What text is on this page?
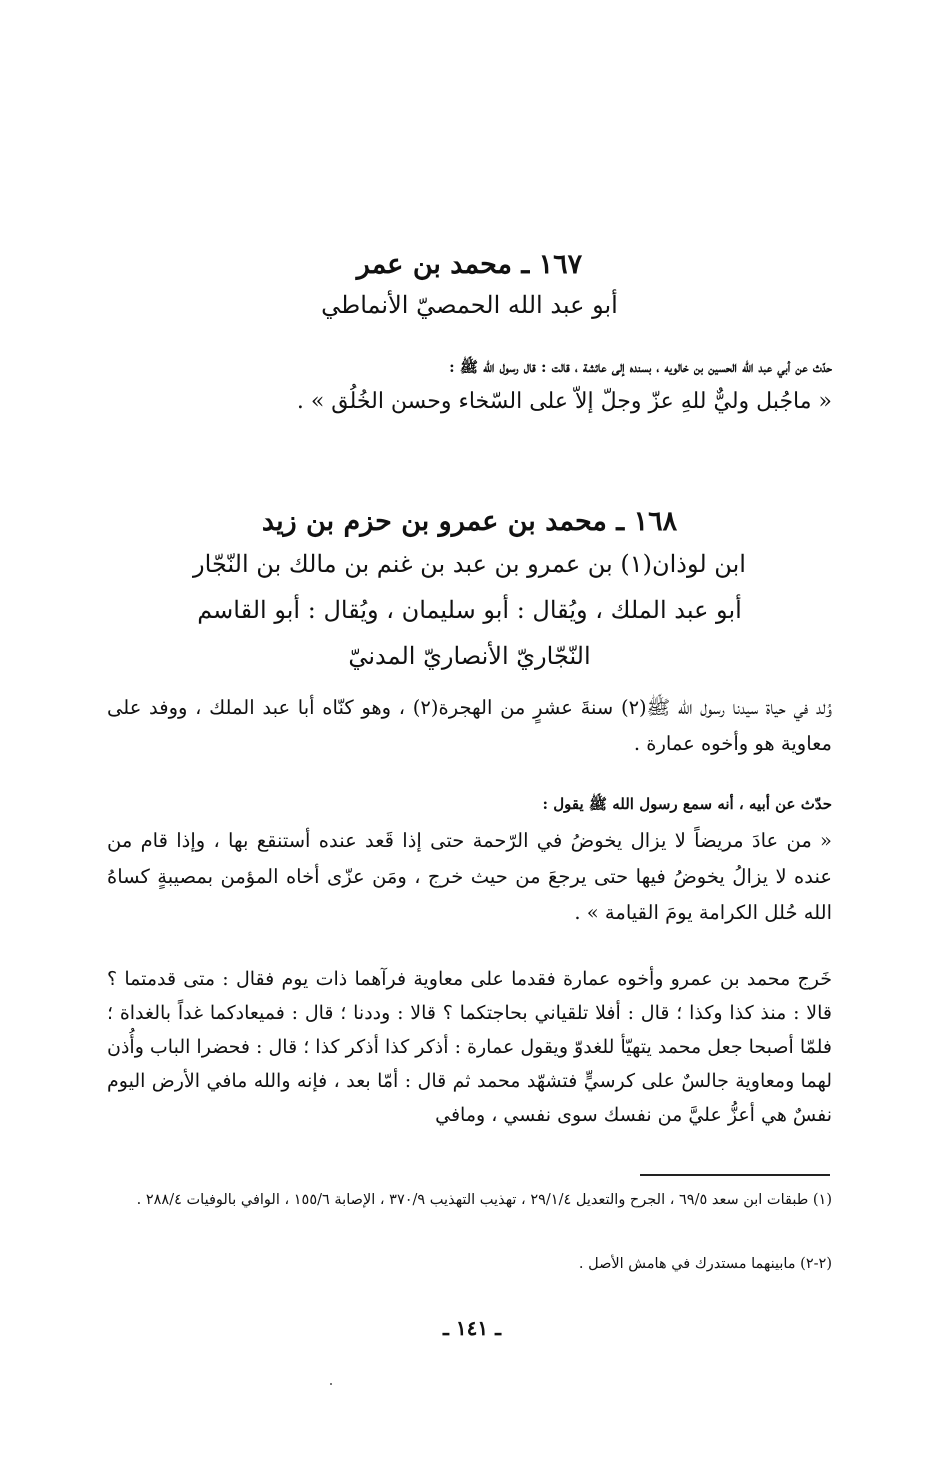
١٦٧ ـ محمد بن عمر

أبو عبد الله الحمصيّ الأنماطي

حدّث عن أبي عبد الله الحسين بن خالويه ، بسنده إلى عائشة ، قالت : قال رسول الله ﷺ :

« ماجُبل وليٌّ للهِ عزّ وجلّ إلاّ على السّخاء وحسن الخُلُق » .

١٦٨ ـ محمد بن عمرو بن حزم بن زيد

ابن لوذان(١) بن عمرو بن عبد بن غنم بن مالك بن النّجّار

أبو عبد الملك ، ويُقال : أبو سليمان ، ويُقال : أبو القاسم

النّجّاريّ الأنصاريّ المدنيّ

وُلد في حياة سيدنا رسول الله ﷺ(٢) سنةَ عشرٍ من الهجرة(٢) ، وهو كنّاه أبا عبد الملك ، ووفد على معاوية هو وأخوه عمارة .

حدّث عن أبيه ، أنه سمع رسول الله ﷺ يقول :

« من عادَ مريضاً لا يزال يخوضُ في الرّحمة حتى إذا قَعد عنده أستنقع بها ، وإذا قام من عنده لا يزالُ يخوضُ فيها حتى يرجعَ من حيث خرج ، ومَن عزّى أخاه المؤمن بمصيبةٍ كساهُ الله حُلل الكرامة يومَ القيامة » .

خَرج محمد بن عمرو وأخوه عمارة فقدما على معاوية فرآهما ذات يوم فقال : متى قدمتما ؟ قالا : منذ كذا وكذا ؛ قال : أفلا تلقياني بحاجتكما ؟ قالا : وددنا ؛ قال : فميعادكما غداً بالغداة ؛ فلمّا أصبحا جعل محمد يتهيّأ للغدوّ ويقول عمارة : أذكر كذا أذكر كذا ؛ قال : فحضرا الباب وأُذن لهما ومعاوية جالسٌ على كرسيٍّ فتشهّد محمد ثم قال : أمّا بعد ، فإنه والله مافي الأرض اليوم نفسٌ هي أعزُّ عليَّ من نفسك سوى نفسي ، ومافي

(١) طبقات ابن سعد ٦٩/٥ ، الجرح والتعديل ٢٩/١/٤ ، تهذيب التهذيب ٣٧٠/٩ ، الإصابة ١٥٥/٦ ، الوافي بالوفيات ٢٨٨/٤ .

(٢-٢) مابينهما مستدرك في هامش الأصل .

ـ ١٤١ ـ
